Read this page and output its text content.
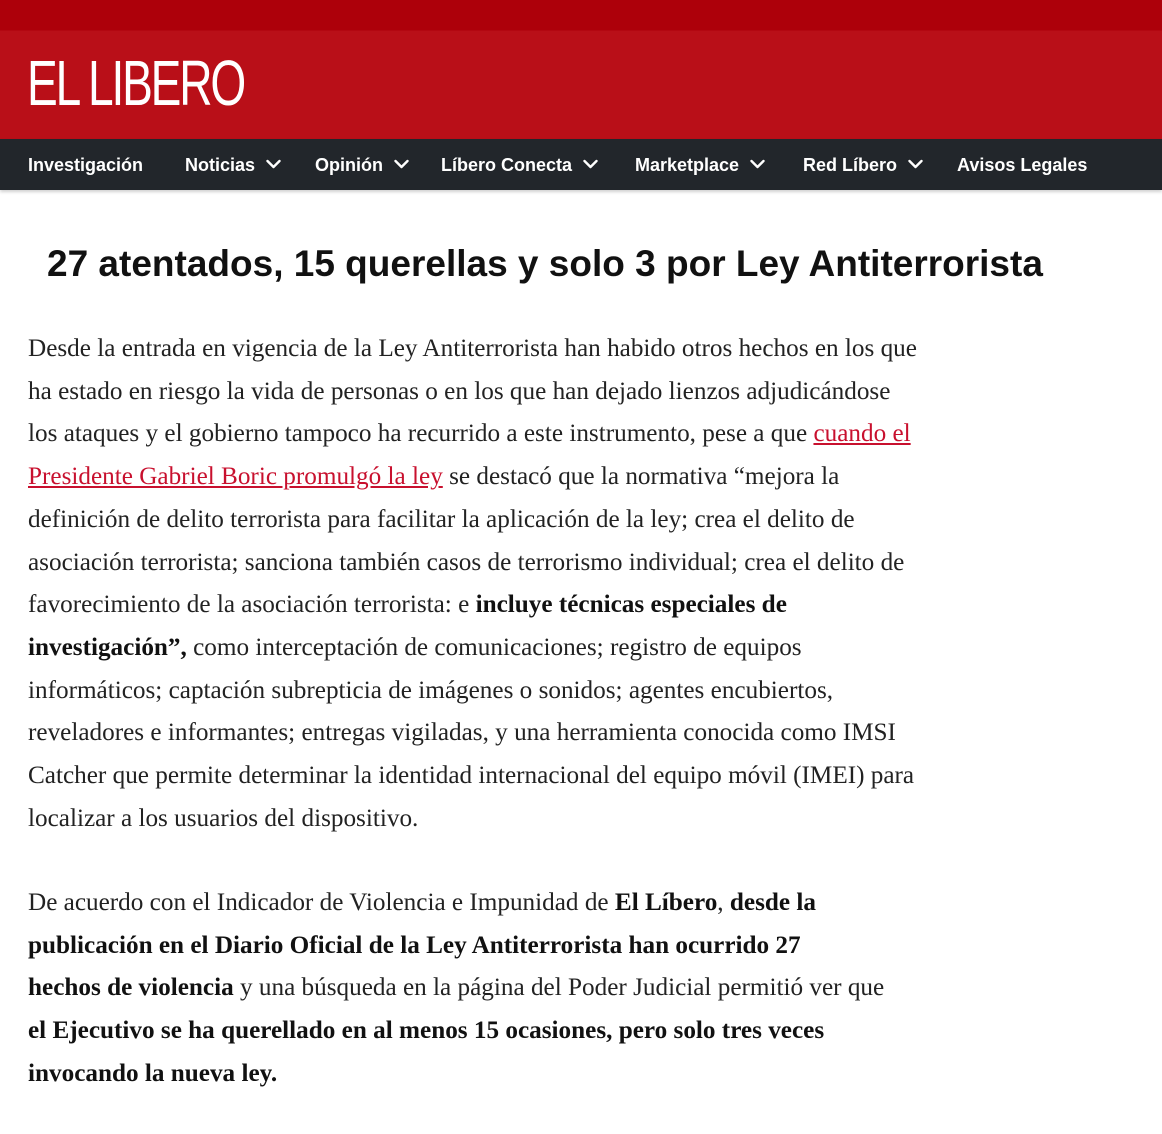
EL LIBERO
Investigación Noticias	Opinión	Líbero Conecta	Marketplace	Red Líbero	Avisos Legales
27 atentados, 15 querellas y solo 3 por Ley Antiterrorista

Desde la entrada en vigencia de la Ley Antiterrorista han habido otros hechos en los que
ha estado en riesgo la vida de personas o en los que han dejado lienzos adjudicándose
los ataques y el gobierno tampoco ha recurrido a este instrumento, pese a que cuando el
Presidente Gabriel Boric promulgó la ley se destacó que la normativa “mejora la
definición de delito terrorista para facilitar la aplicación de la ley; crea el delito de
asociación terrorista; sanciona también casos de terrorismo individual; crea el delito de
favorecimiento de la asociación terrorista: e incluye técnicas especiales de
investigación”, como interceptación de comunicaciones; registro de equipos
informáticos; captación subrepticia de imágenes o sonidos; agentes encubiertos,
reveladores e informantes; entregas vigiladas, y una herramienta conocida como IMSI
Catcher que permite determinar la identidad internacional del equipo móvil (IMEI) para
localizar a los usuarios del dispositivo.

De acuerdo con el Indicador de Violencia e Impunidad de El Líbero, desde la
publicación en el Diario Oficial de la Ley Antiterrorista han ocurrido 27
hechos de violencia y una búsqueda en la página del Poder Judicial permitió ver que
el Ejecutivo se ha querellado en al menos 15 ocasiones, pero solo tres veces
invocando la nueva ley.
